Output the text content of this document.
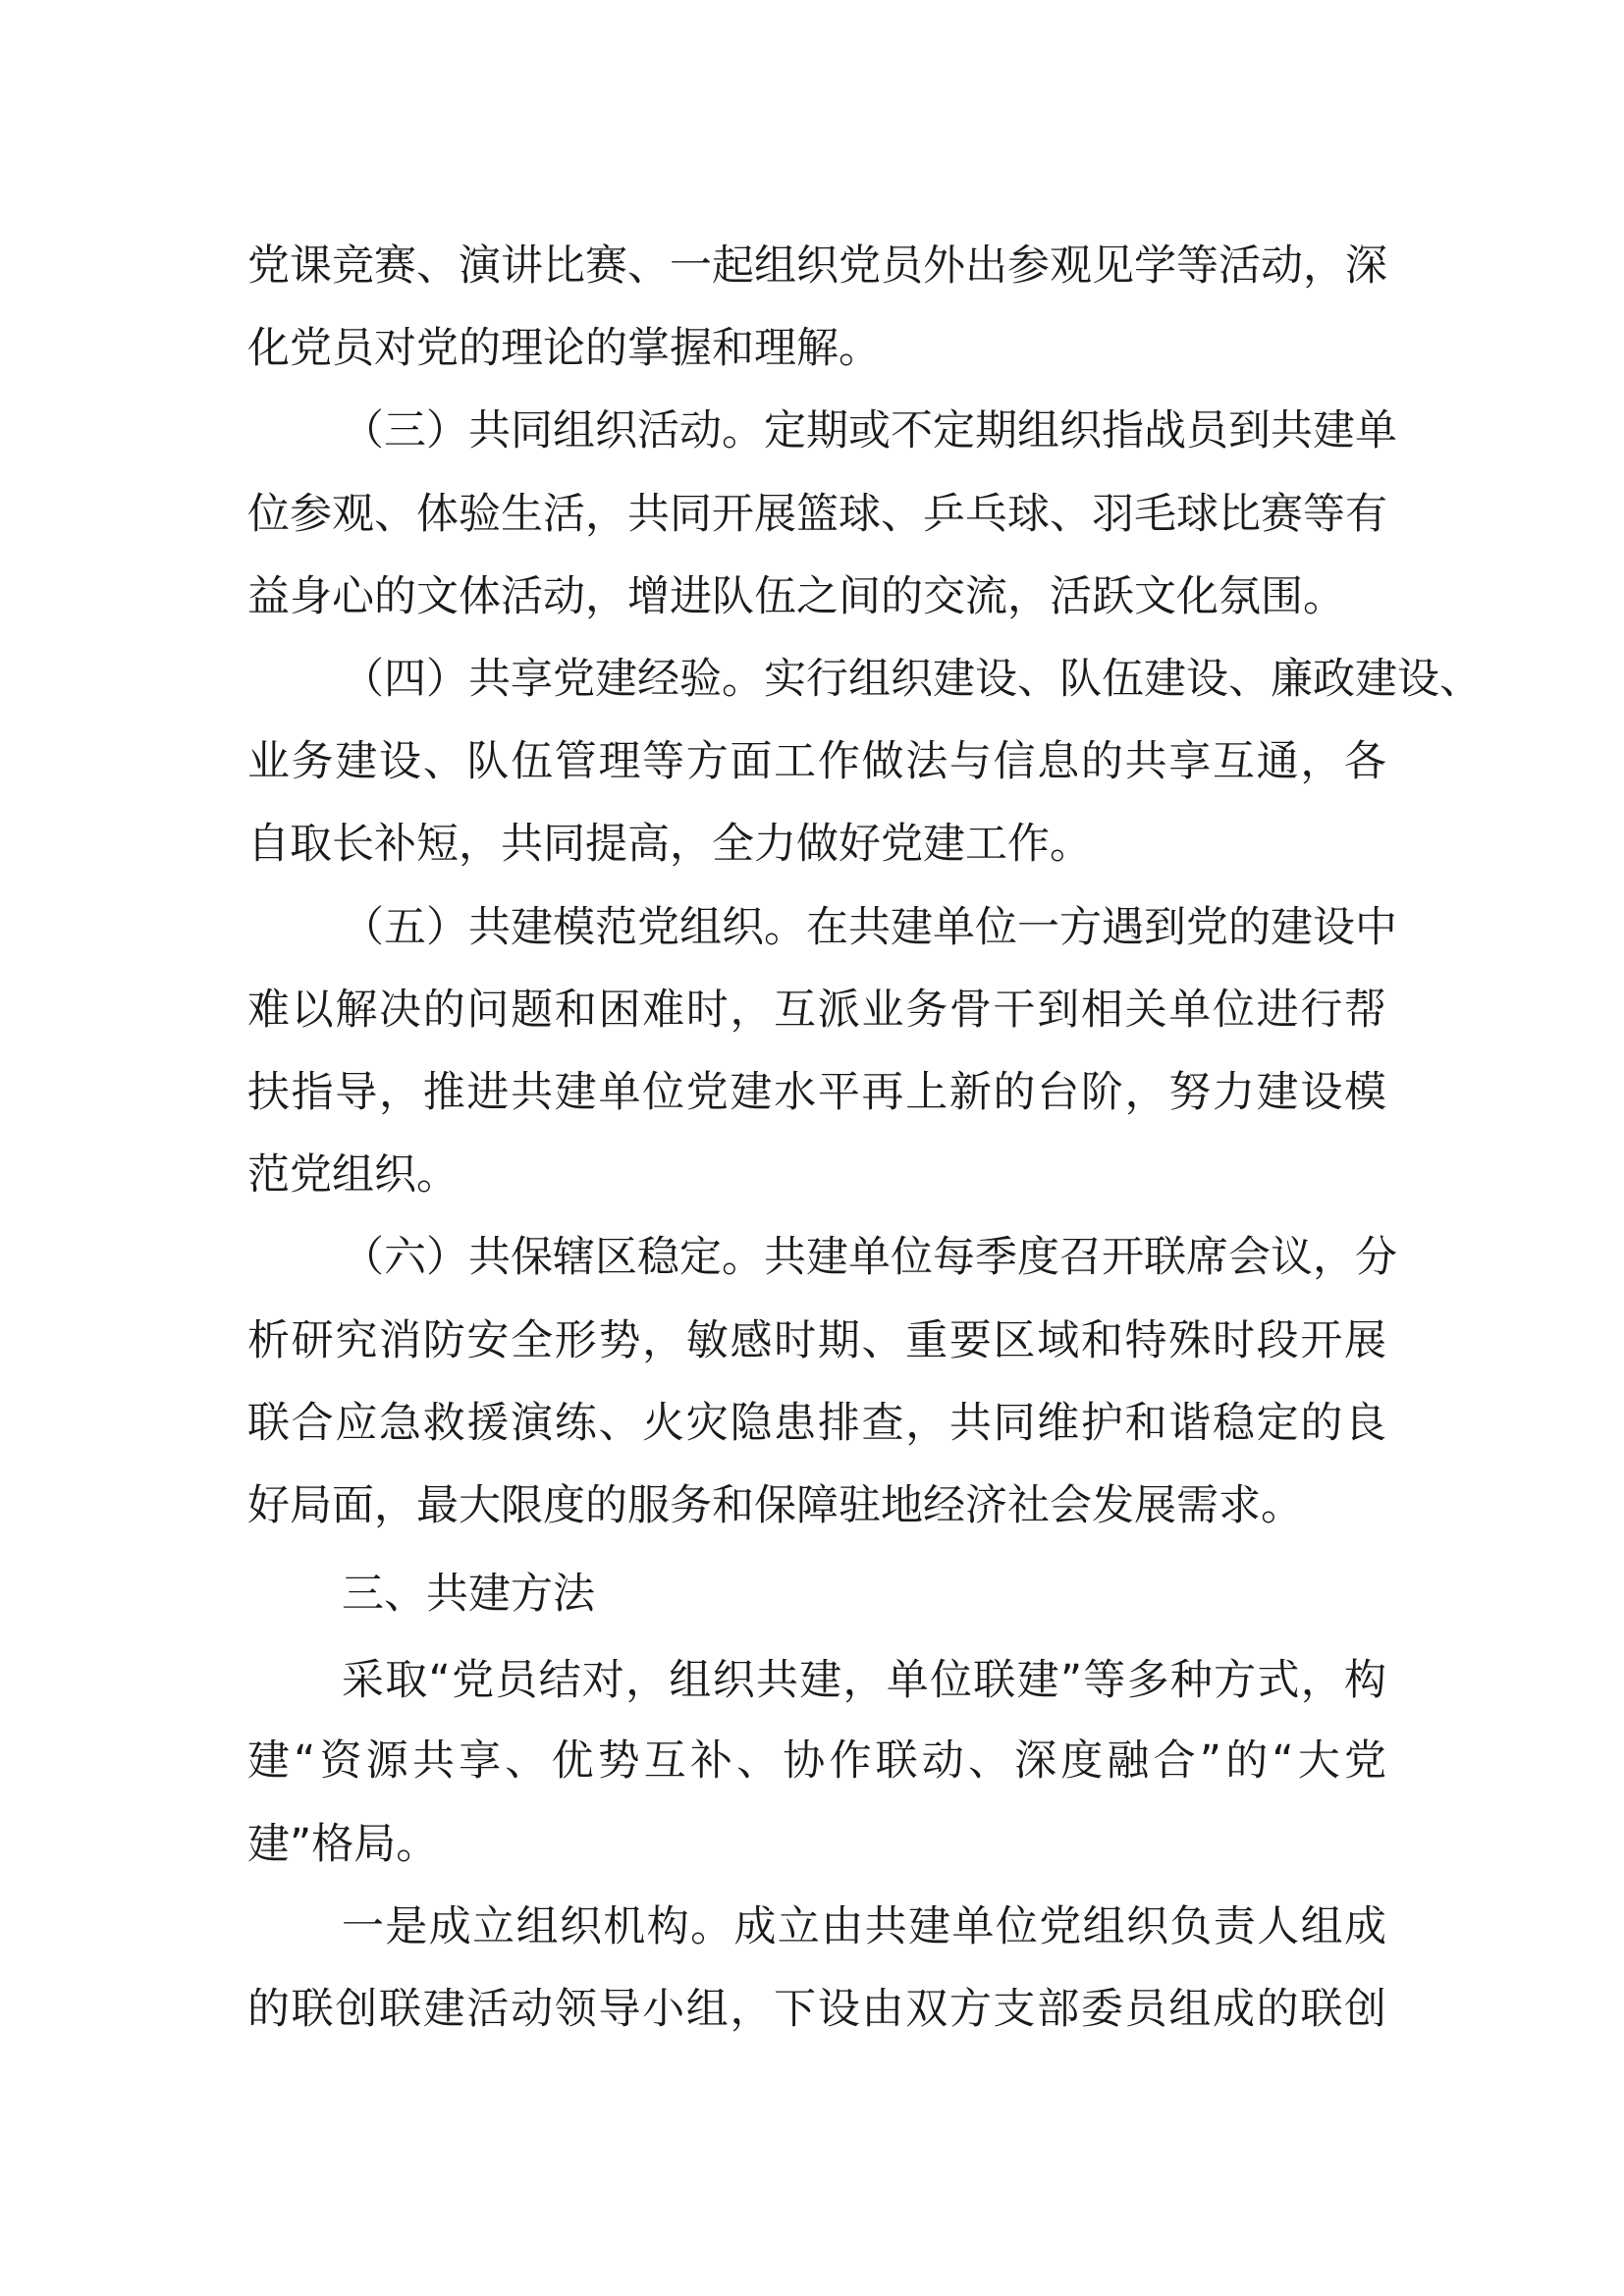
党课竞赛、演讲比赛、一起组织党员外出参观见学等活动，深
化党员对党的理论的掌握和理解。
（三）共同组织活动。定期或不定期组织指战员到共建单
位参观、体验生活，共同开展篮球、乒乓球、羽毛球比赛等有
益身心的文体活动，增进队伍之间的交流，活跃文化氛围。
（四）共享党建经验。实行组织建设、队伍建设、廉政建设、
业务建设、队伍管理等方面工作做法与信息的共享互通，各
自取长补短，共同提高，全力做好党建工作。
（五）共建模范党组织。在共建单位一方遇到党的建设中
难以解决的问题和困难时，互派业务骨干到相关单位进行帮
扶指导，推进共建单位党建水平再上新的台阶，努力建设模
范党组织。
（六）共保辖区稳定。共建单位每季度召开联席会议，分
析研究消防安全形势，敏感时期、重要区域和特殊时段开展
联合应急救援演练、火灾隐患排查，共同维护和谐稳定的良
好局面，最大限度的服务和保障驻地经济社会发展需求。
三、共建方法
采取“党员结对，组织共建，单位联建”等多种方式，构
建“资源共享、优势互补、协作联动、深度融合”的“大党
建”格局。
一是成立组织机构。成立由共建单位党组织负责人组成
的联创联建活动领导小组，下设由双方支部委员组成的联创
